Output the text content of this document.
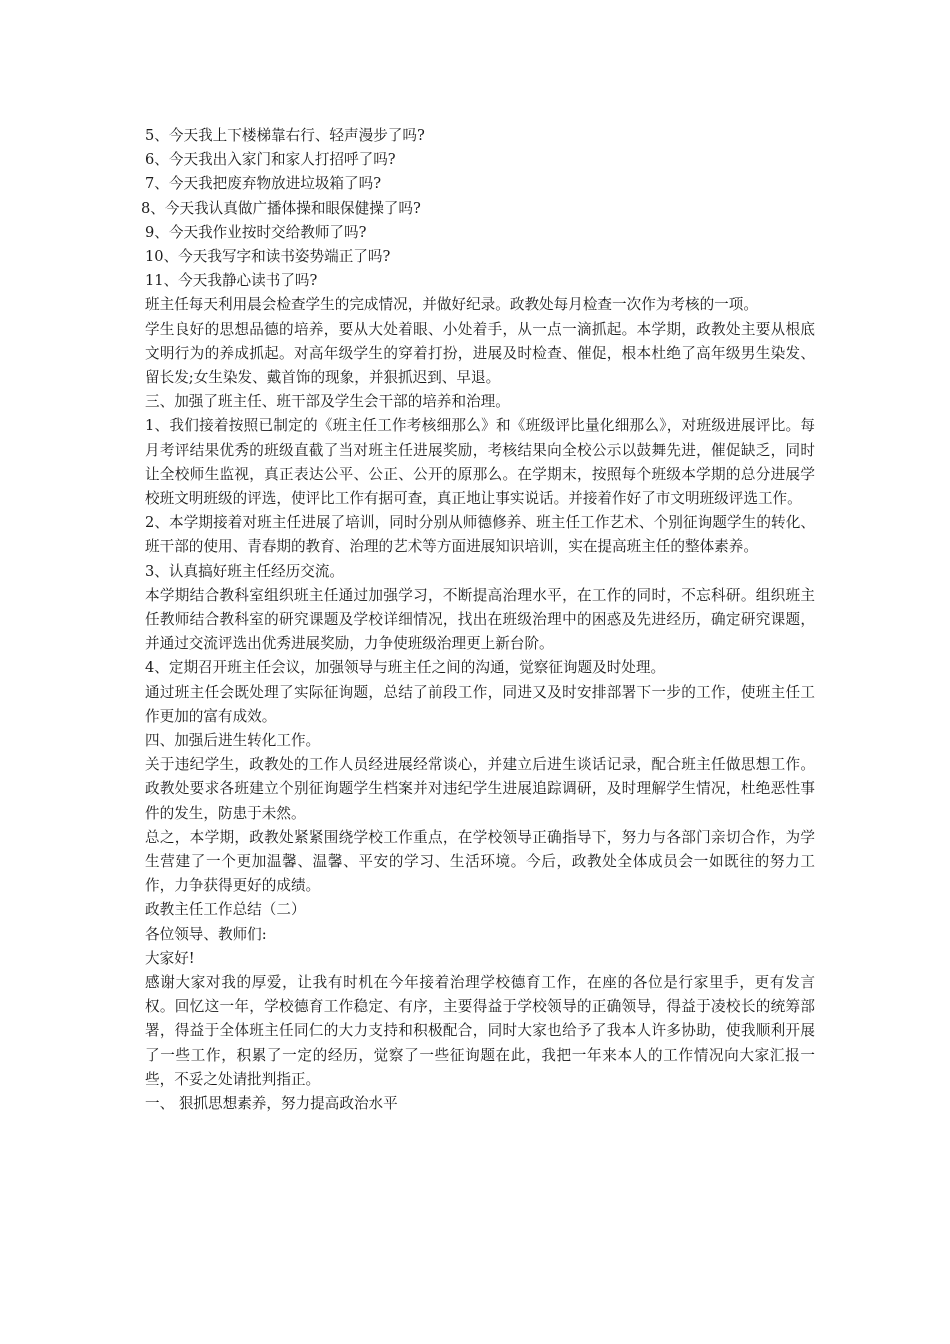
5、今天我上下楼梯靠右行、轻声漫步了吗?
6、今天我出入家门和家人打招呼了吗?
7、今天我把废弃物放进垃圾箱了吗?
8、今天我认真做广播体操和眼保健操了吗?
9、今天我作业按时交给教师了吗?
10、今天我写字和读书姿势端正了吗?
11、今天我静心读书了吗?
班主任每天利用晨会检查学生的完成情况，并做好纪录。政教处每月检查一次作为考核的一项。
学生良好的思想品德的培养，要从大处着眼、小处着手，从一点一滴抓起。本学期，政教处主要从根底文明行为的养成抓起。对高年级学生的穿着打扮，进展及时检查、催促，根本杜绝了高年级男生染发、留长发;女生染发、戴首饰的现象，并狠抓迟到、早退。
三、加强了班主任、班干部及学生会干部的培养和治理。
1、我们接着按照已制定的《班主任工作考核细那么》和《班级评比量化细那么》，对班级进展评比。每月考评结果优秀的班级直截了当对班主任进展奖励，考核结果向全校公示以鼓舞先进，催促缺乏，同时让全校师生监视，真正表达公平、公正、公开的原那么。在学期末，按照每个班级本学期的总分进展学校班文明班级的评选，使评比工作有据可查，真正地让事实说话。并接着作好了市文明班级评选工作。
2、本学期接着对班主任进展了培训，同时分别从师德修养、班主任工作艺术、个别征询题学生的转化、班干部的使用、青春期的教育、治理的艺术等方面进展知识培训，实在提高班主任的整体素养。
3、认真搞好班主任经历交流。
本学期结合教科室组织班主任通过加强学习，不断提高治理水平，在工作的同时，不忘科研。组织班主任教师结合教科室的研究课题及学校详细情况，找出在班级治理中的困惑及先进经历，确定研究课题，并通过交流评选出优秀进展奖励，力争使班级治理更上新台阶。
4、定期召开班主任会议，加强领导与班主任之间的沟通，觉察征询题及时处理。
通过班主任会既处理了实际征询题，总结了前段工作，同进又及时安排部署下一步的工作，使班主任工作更加的富有成效。
四、加强后进生转化工作。
关于违纪学生，政教处的工作人员经进展经常谈心，并建立后进生谈话记录，配合班主任做思想工作。政教处要求各班建立个别征询题学生档案并对违纪学生进展追踪调研，及时理解学生情况，杜绝恶性事件的发生，防患于未然。
总之，本学期，政教处紧紧围绕学校工作重点，在学校领导正确指导下，努力与各部门亲切合作，为学生营建了一个更加温馨、温馨、平安的学习、生活环境。今后，政教处全体成员会一如既往的努力工作，力争获得更好的成绩。
政教主任工作总结（二）
各位领导、教师们:
大家好!
感谢大家对我的厚爱，让我有时机在今年接着治理学校德育工作，在座的各位是行家里手，更有发言权。回忆这一年，学校德育工作稳定、有序，主要得益于学校领导的正确领导，得益于凌校长的统筹部署，得益于全体班主任同仁的大力支持和积极配合，同时大家也给予了我本人许多协助，使我顺利开展了一些工作，积累了一定的经历，觉察了一些征询题在此，我把一年来本人的工作情况向大家汇报一些，不妥之处请批判指正。
一、 狠抓思想素养，努力提高政治水平
